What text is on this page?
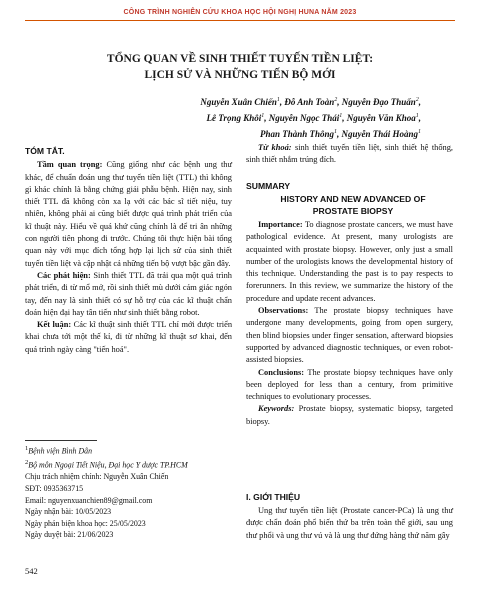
CÔNG TRÌNH NGHIÊN CỨU KHOA HỌC HỘI NGHỊ HUNA NĂM 2023
TỔNG QUAN VỀ SINH THIẾT TUYẾN TIỀN LIỆT:
LỊCH SỬ VÀ NHỮNG TIẾN BỘ MỚI
Nguyễn Xuân Chiến$^1$, Đỗ Anh Toàn$^2$, Nguyễn Đạo Thuấn$^2$,
Lê Trọng Khôi$^1$, Nguyễn Ngọc Thái$^1$, Nguyễn Văn Khoa$^1$,
Phan Thành Thông$^1$, Nguyễn Thái Hoàng$^1$
TÓM TẮT.

Tầm quan trọng: Cũng giống như các bệnh ung thư khác, để chuẩn đoán ung thư tuyến tiền liệt (TTL) thì không gì khác chính là bằng chứng giải phẫu bệnh. Hiện nay, sinh thiết TTL đã không còn xa lạ với các bác sĩ tiết niệu, tuy nhiên, không phải ai cũng biết được quá trình phát triển của kĩ thuật này. Hiểu về quá khứ cũng chính là để tri ân những con người tiên phong đi trước. Chúng tôi thực hiện bài tổng quan này với mục đích tổng hợp lại lịch sử của sinh thiết tuyến tiền liệt và cập nhật cả những tiến bộ vượt bậc gần đây.

Các phát hiện: Sinh thiết TTL đã trải qua một quá trình phát triển, đi từ mổ mở, rồi sinh thiết mù dưới cảm giác ngón tay, đến nay là sinh thiết có sự hỗ trợ của các kĩ thuật chẩn đoán hiện đại hay tân tiến như sinh thiết bằng robot.

Kết luận: Các kĩ thuật sinh thiết TTL chỉ mới được triển khai chưa tới một thế kỉ, đi từ những kĩ thuật sơ khai, đến quá trình ngày càng "tiến hoá".

$^1$Bệnh viện Bình Dân
$^2$Bộ môn Ngoại Tiết Niệu, Đại học Y dược TP.HCM
Chịu trách nhiệm chính: Nguyễn Xuân Chiến
SĐT: 0935363715
Email: nguyenxuanchien89@gmail.com
Ngày nhận bài: 10/05/2023
Ngày phản biện khoa học: 25/05/2023
Ngày duyệt bài: 21/06/2023
542

Từ khoá: sinh thiết tuyến tiền liệt, sinh thiết hệ thống, sinh thiết nhắm trúng đích.

SUMMARY
HISTORY AND NEW ADVANCED OF
PROSTATE BIOPSY

Importance: To diagnose prostate cancers, we must have pathological evidence. At present, many urologists are acquainted with prostate biopsy. However, only just a small number of the urologists knows the developmental history of this technique. Understanding the past is to pay respects to forerunners. In this review, we summarize the history of the procedure and update recent advances.

Observations: The prostate biopsy techniques have undergone many developments, going from open surgery, then blind biopsies under finger sensation, afterward biopsies supported by advanced diagnostic techniques, or even robot-assisted biopsies.

Conclusions: The prostate biopsy techniques have only been deployed for less than a century, from primitive techniques to evolutionary processes.

Keywords: Prostate biopsy, systematic biopsy, targeted biopsy.

I. GIỚI THIỆU

Ung thư tuyến tiền liệt (Prostate cancer-PCa) là ung thư được chẩn đoán phổ biến thứ ba trên toàn thế giới, sau ung thư phổi và ung thư vú và là ung thư đứng hàng thứ năm gây
